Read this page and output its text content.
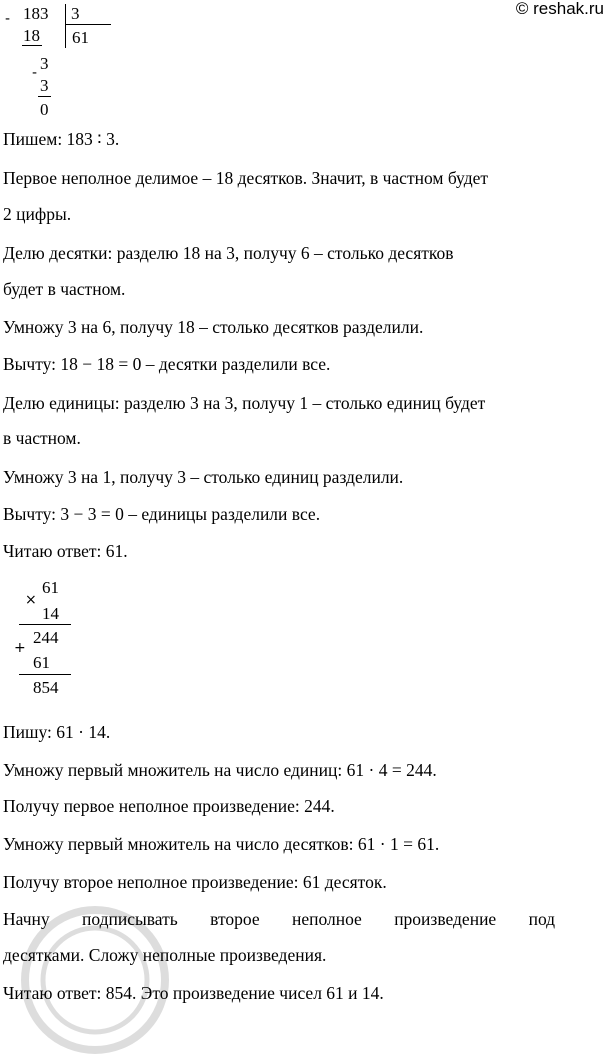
© reshak.ru
- 183 3
18 61
- 3
3
0
Пишем: 183 ∶ 3.
Первое неполное делимое – 18 десятков. Значит, в частном будет
2 цифры.
Делю десятки: разделю 18 на 3, получу 6 – столько десятков
будет в частном.
Умножу 3 на 6, получу 18 – столько десятков разделили.
Вычту: 18 − 18 = 0 – десятки разделили все.
Делю единицы: разделю 3 на 3, получу 1 – столько единиц будет
в частном.
Умножу 3 на 1, получу 3 – столько единиц разделили.
Вычту: 3 − 3 = 0 – единицы разделили все.
Читаю ответ: 61.
×
61
14
+
244
61
854
Пишу: 61 · 14.
Умножу первый множитель на число единиц: 61 · 4 = 244.
Получу первое неполное произведение: 244.
Умножу первый множитель на число десятков: 61 · 1 = 61.
Получу второе неполное произведение: 61 десяток.
Начну подписывать второе неполное произведение под
десятками. Сложу неполные произведения.
Читаю ответ: 854. Это произведение чисел 61 и 14.
